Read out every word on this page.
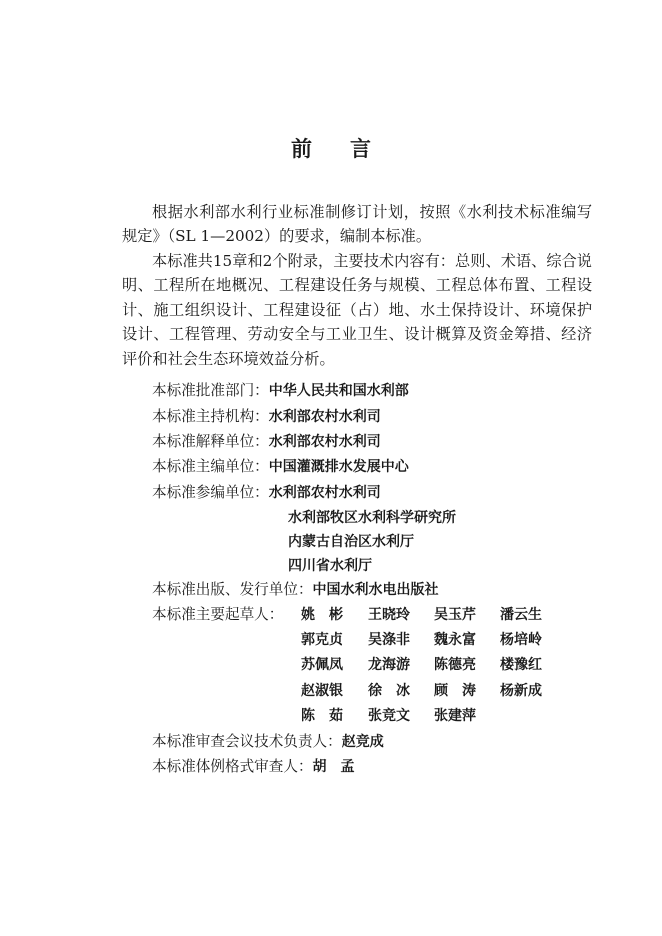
前 言

根据水利部水利行业标准制修订计划，按照《水利技术标准编写规定》（SL 1—2002）的要求，编制本标准。

本标准共15章和2个附录，主要技术内容有：总则、术语、综合说明、工程所在地概况、工程建设任务与规模、工程总体布置、工程设计、施工组织设计、工程建设征（占）地、水土保持设计、环境保护设计、工程管理、劳动安全与工业卫生、设计概算及资金筹措、经济评价和社会生态环境效益分析。

本标准批准部门：中华人民共和国水利部
本标准主持机构：水利部农村水利司
本标准解释单位：水利部农村水利司
本标准主编单位：中国灌溉排水发展中心
本标准参编单位：水利部农村水利司
水利部牧区水利科学研究所
内蒙古自治区水利厅
四川省水利厅
本标准出版、发行单位：中国水利水电出版社
本标准主要起草人： 姚　彬 王晓玲 吴玉芹 潘云生
郭克贞 吴涤非 魏永富 杨培岭
苏佩凤 龙海游 陈德亮 楼豫红
赵淑银 徐　冰 顾　涛 杨新成
陈　茹 张竞文 张建萍
本标准审查会议技术负责人：赵竞成
本标准体例格式审查人：胡　孟
